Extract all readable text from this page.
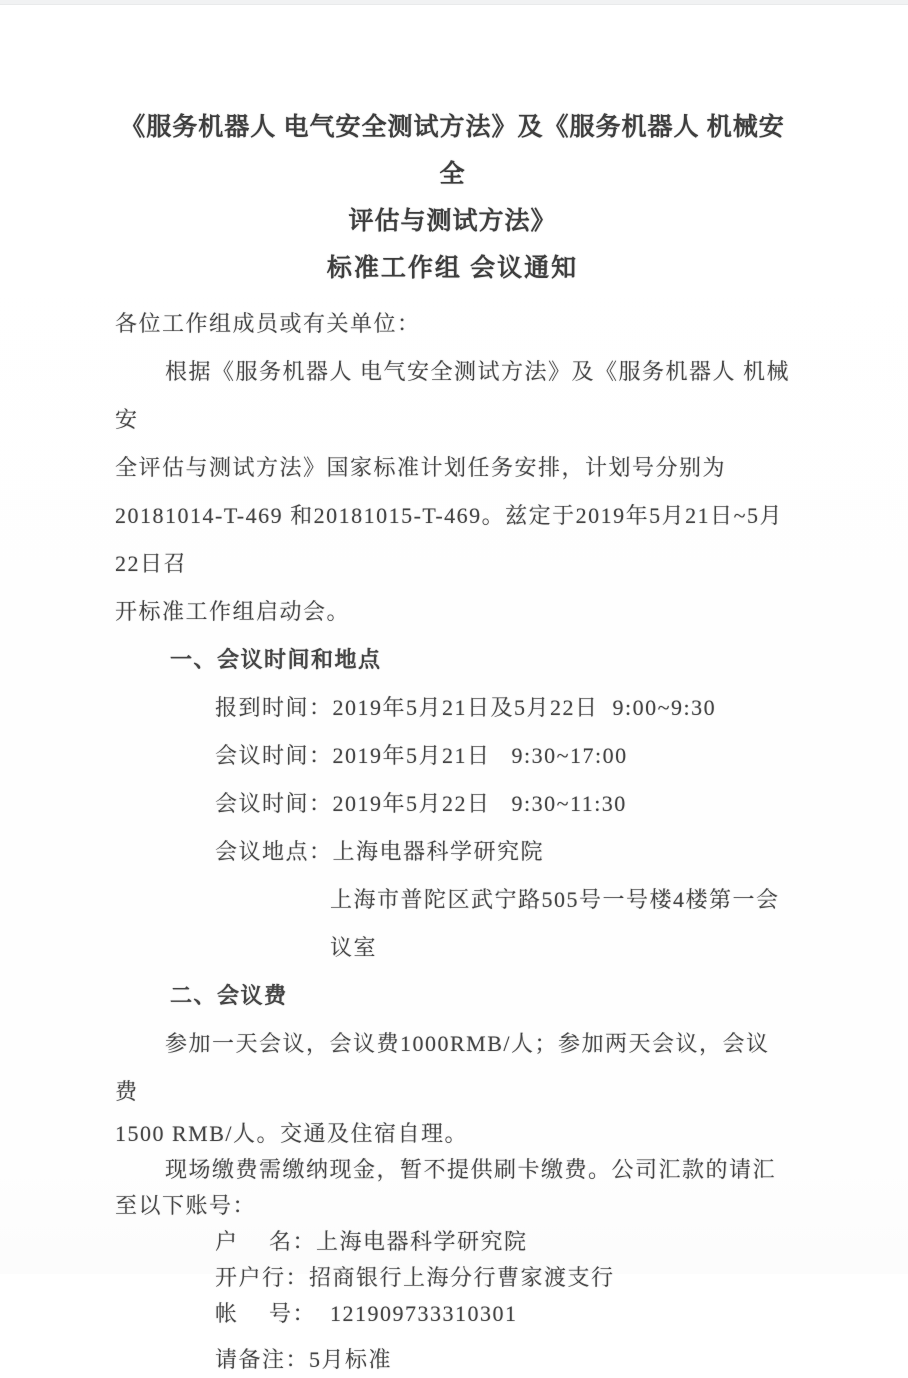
《服务机器人 电气安全测试方法》及《服务机器人 机械安全
评估与测试方法》
标准工作组 会议通知
各位工作组成员或有关单位：
根据《服务机器人 电气安全测试方法》及《服务机器人 机械安
全评估与测试方法》国家标准计划任务安排，计划号分别为
20181014-T-469 和20181015-T-469。兹定于2019年5月21日~5月22日召
开标准工作组启动会。
一、会议时间和地点
报到时间：2019年5月21日及5月22日  9:00~9:30
会议时间：2019年5月21日   9:30~17:00
会议时间：2019年5月22日   9:30~11:30
会议地点：上海电器科学研究院
上海市普陀区武宁路505号一号楼4楼第一会议室
二、会议费
参加一天会议，会议费1000RMB/人；参加两天会议，会议费
1500 RMB/人。交通及住宿自理。
现场缴费需缴纳现金，暂不提供刷卡缴费。公司汇款的请汇
至以下账号：
户　 名：上海电器科学研究院
开户行：招商银行上海分行曹家渡支行
帐　 号：  121909733310301
请备注：5月标准
